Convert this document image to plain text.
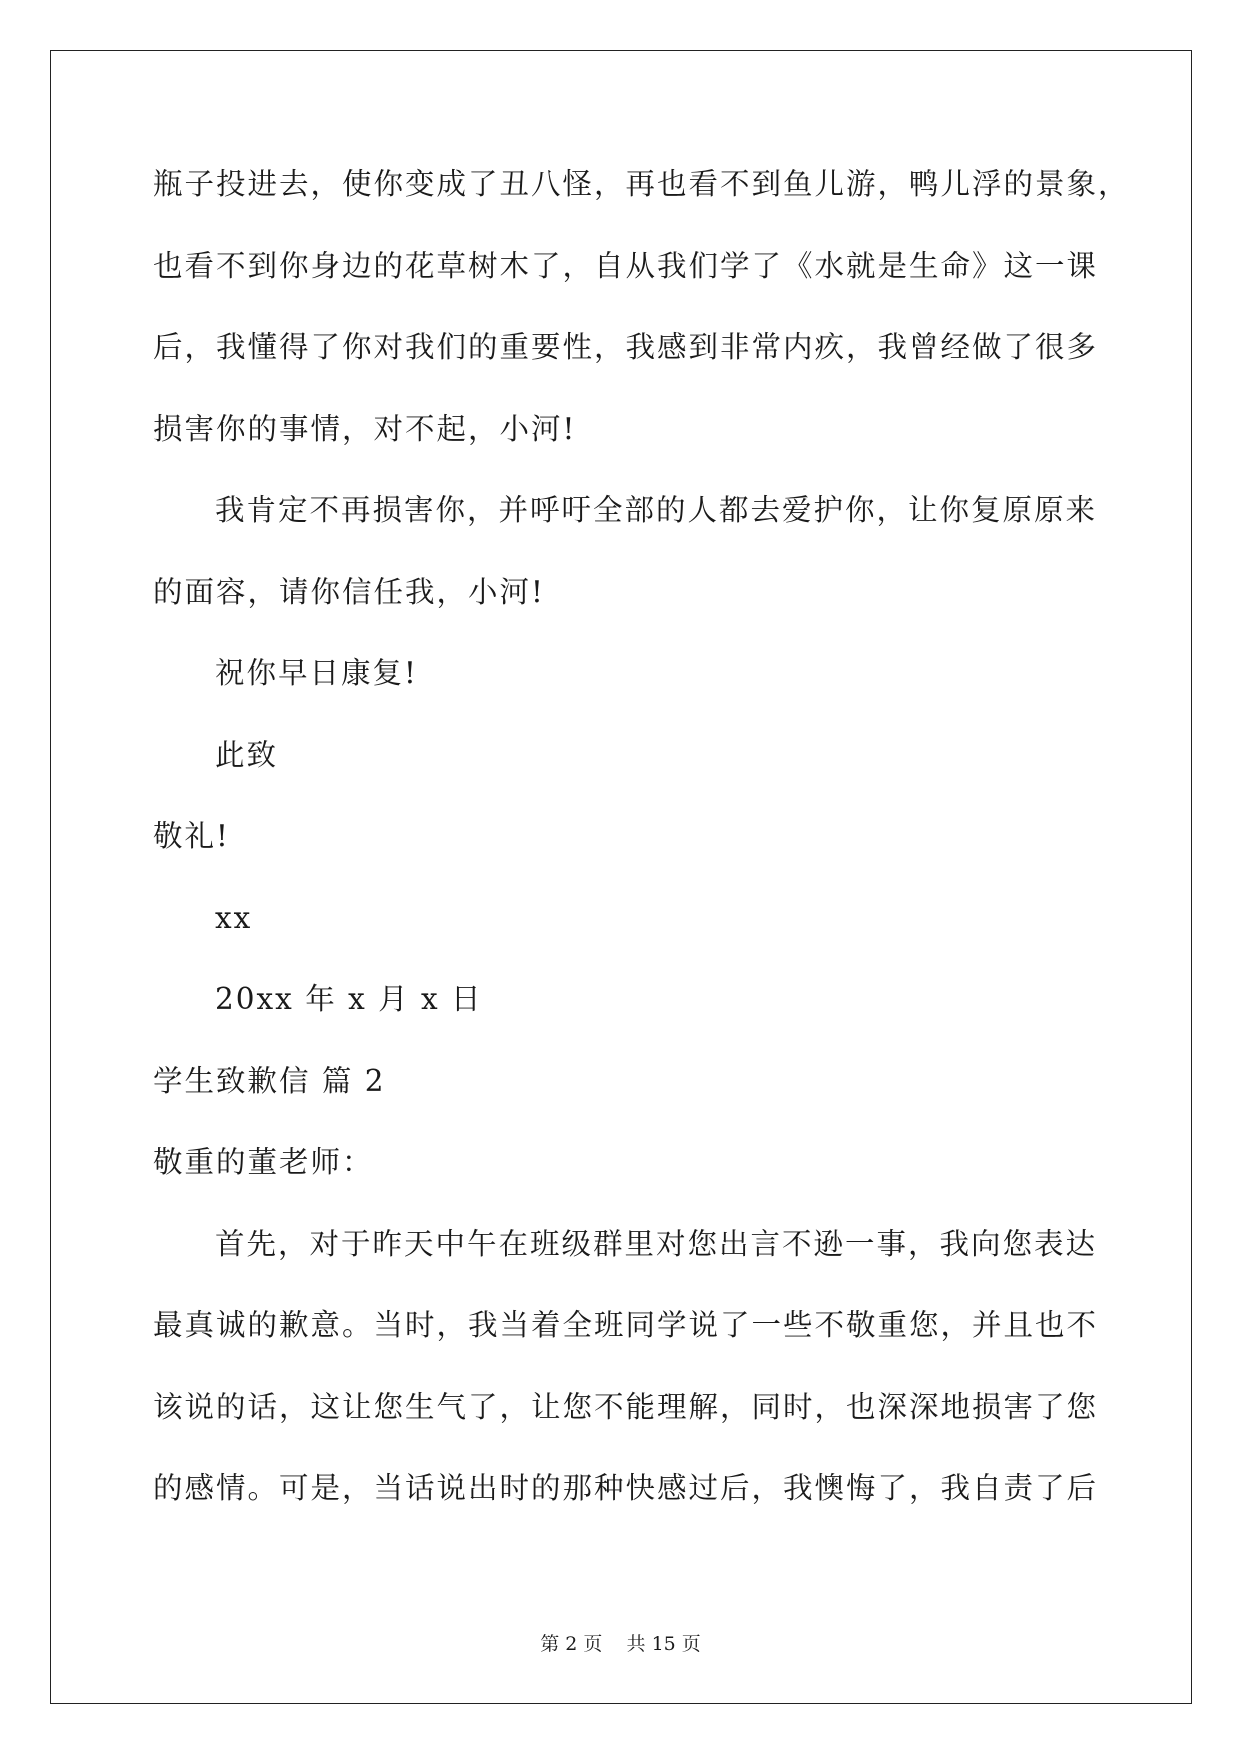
瓶子投进去，使你变成了丑八怪，再也看不到鱼儿游，鸭儿浮的景象，
也看不到你身边的花草树木了，自从我们学了《水就是生命》这一课
后，我懂得了你对我们的重要性，我感到非常内疚，我曾经做了很多
损害你的事情，对不起，小河!
我肯定不再损害你，并呼吁全部的人都去爱护你，让你复原原来
的面容，请你信任我，小河!
祝你早日康复!
此致
敬礼!
xx
20xx 年 x 月 x 日
学生致歉信 篇 2
敬重的董老师：
首先，对于昨天中午在班级群里对您出言不逊一事，我向您表达
最真诚的歉意。当时，我当着全班同学说了一些不敬重您，并且也不
该说的话，这让您生气了，让您不能理解，同时，也深深地损害了您
的感情。可是，当话说出时的那种快感过后，我懊悔了，我自责了后
第 2 页    共 15 页
